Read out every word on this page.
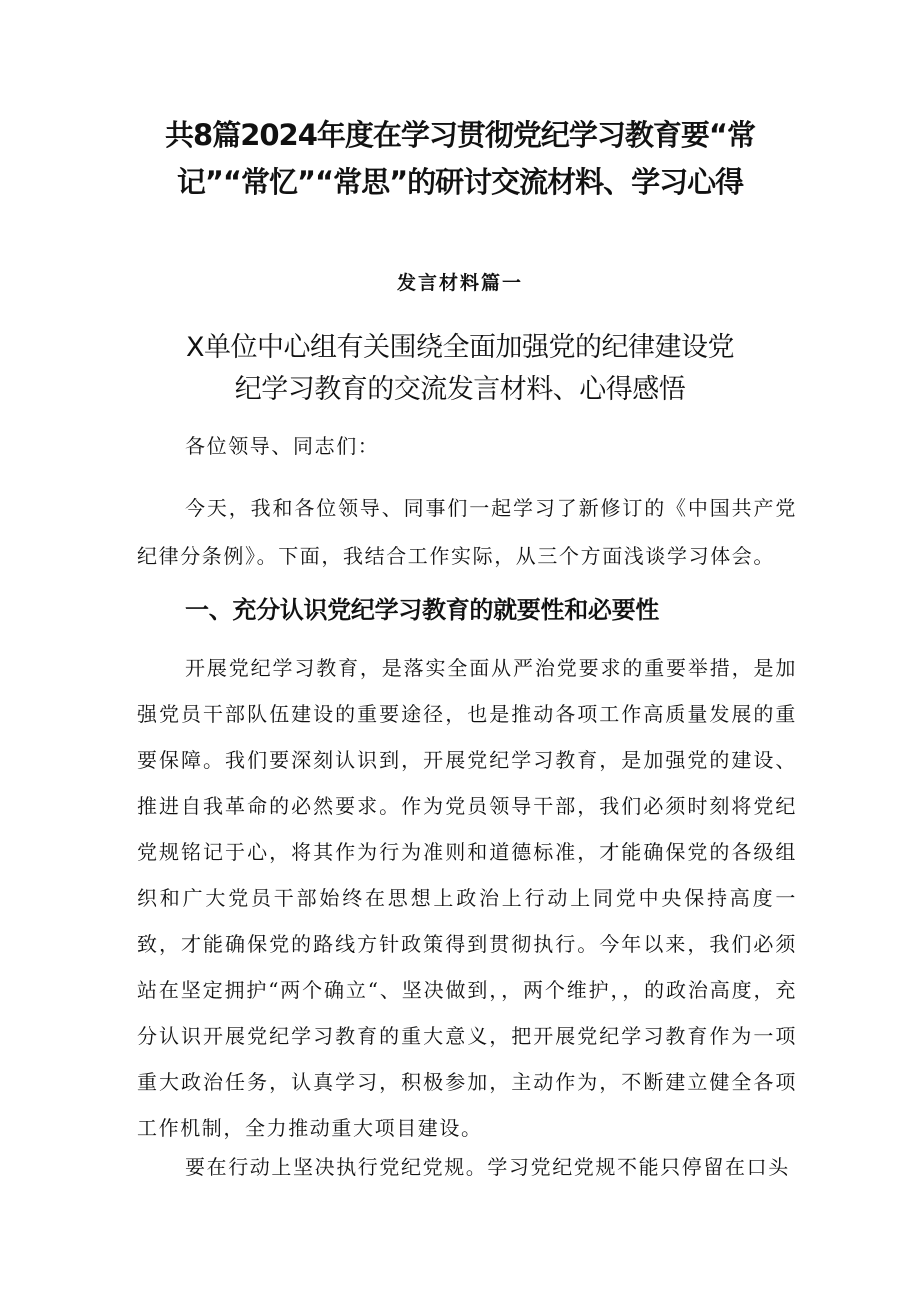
共8篇2024年度在学习贯彻党纪学习教育要“常
记”“常忆”“常思”的研讨交流材料、学习心得
发言材料篇一
X单位中心组有关围绕全面加强党的纪律建设党
纪学习教育的交流发言材料、心得感悟

各位领导、同志们：

今天，我和各位领导、同事们一起学习了新修订的《中国共产党纪律分条例》。下面，我结合工作实际，从三个方面浅谈学习体会。

一、充分认识党纪学习教育的就要性和必要性

开展党纪学习教育，是落实全面从严治党要求的重要举措，是加强党员干部队伍建设的重要途径，也是推动各项工作高质量发展的重要保障。我们要深刻认识到，开展党纪学习教育，是加强党的建设、推进自我革命的必然要求。作为党员领导干部，我们必须时刻将党纪党规铭记于心，将其作为行为准则和道德标准，才能确保党的各级组织和广大党员干部始终在思想上政治上行动上同党中央保持高度一致，才能确保党的路线方针政策得到贯彻执行。今年以来，我们必须站在坚定拥护“两个确立“、坚决做到，，两个维护，，的政治高度，充分认识开展党纪学习教育的重大意义，把开展党纪学习教育作为一项重大政治任务，认真学习，积极参加，主动作为，不断建立健全各项工作机制，全力推动重大项目建设。

要在行动上坚决执行党纪党规。学习党纪党规不能只停留在口头
